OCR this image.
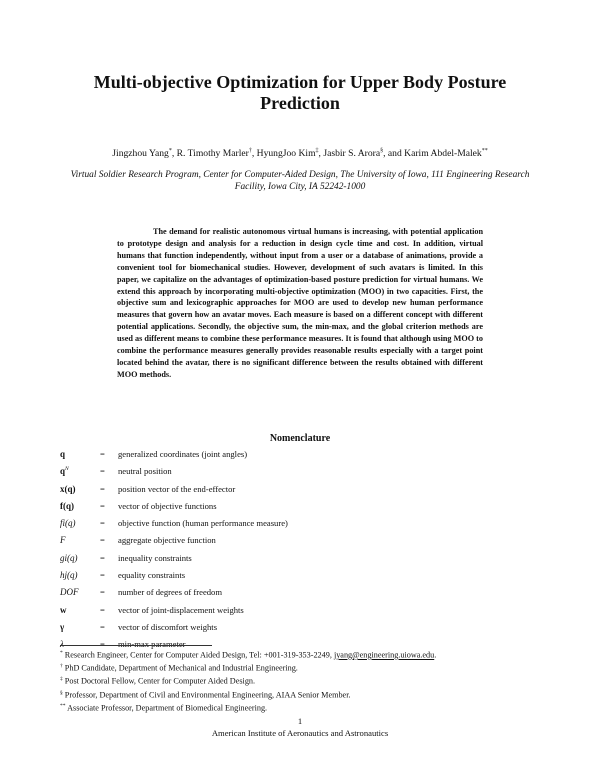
Multi-objective Optimization for Upper Body Posture Prediction
Jingzhou Yang*, R. Timothy Marler†, HyungJoo Kim‡, Jasbir S. Arora§, and Karim Abdel-Malek**
Virtual Soldier Research Program, Center for Computer-Aided Design, The University of Iowa, 111 Engineering Research Facility, Iowa City, IA 52242-1000

The demand for realistic autonomous virtual humans is increasing, with potential application to prototype design and analysis for a reduction in design cycle time and cost. In addition, virtual humans that function independently, without input from a user or a database of animations, provide a convenient tool for biomechanical studies. However, development of such avatars is limited. In this paper, we capitalize on the advantages of optimization-based posture prediction for virtual humans. We extend this approach by incorporating multi-objective optimization (MOO) in two capacities. First, the objective sum and lexicographic approaches for MOO are used to develop new human performance measures that govern how an avatar moves. Each measure is based on a different concept with different potential applications. Secondly, the objective sum, the min-max, and the global criterion methods are used as different means to combine these performance measures. It is found that although using MOO to combine the performance measures generally provides reasonable results especially with a target point located behind the avatar, there is no significant difference between the results obtained with different MOO methods.

Nomenclature
q	= generalized coordinates (joint angles)
$q^N$	= neutral position
x(q)	= position vector of the end-effector
f(q)	= vector of objective functions
fi(q)	= objective function (human performance measure)
F	= aggregate objective function
gi(q)	= inequality constraints
hj(q)	= equality constraints
DOF	= number of degrees of freedom
w	= vector of joint-displacement weights
γ	= vector of discomfort weights
λ	= min-max parameter
* Research Engineer, Center for Computer Aided Design, Tel: +001-319-353-2249, jyang@engineering.uiowa.edu.
† PhD Candidate, Department of Mechanical and Industrial Engineering.
‡ Post Doctoral Fellow, Center for Computer Aided Design.
§ Professor, Department of Civil and Environmental Engineering, AIAA Senior Member.
** Associate Professor, Department of Biomedical Engineering.
1
American Institute of Aeronautics and Astronautics
